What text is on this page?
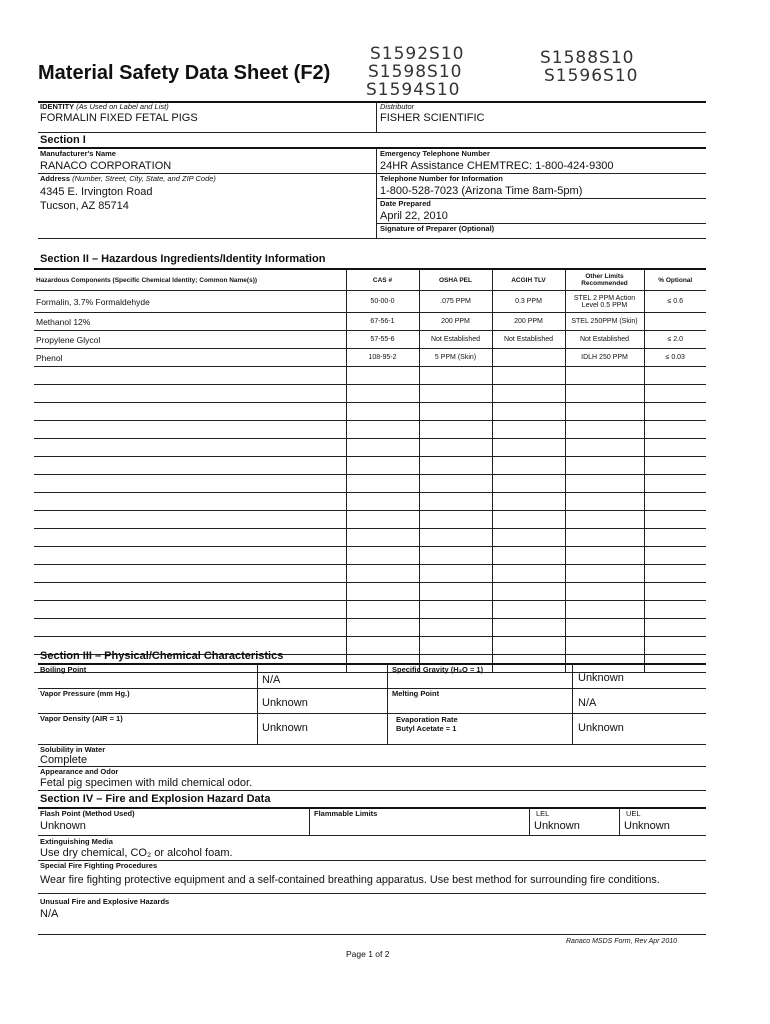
Material Safety Data Sheet (F2)
S1592S10
S1598S10
S1594S10
S1588S10
S1596S10
IDENTITY (As Used on Label and List)
FORMALIN FIXED FETAL PIGS
Distributor
FISHER SCIENTIFIC
Section I
Manufacturer's Name
RANACO CORPORATION
Address (Number, Street, City, State, and ZIP Code)
4345 E. Irvington Road
Tucson, AZ 85714
Emergency Telephone Number
24HR Assistance CHEMTREC: 1-800-424-9300
Telephone Number for Information
1-800-528-7023 (Arizona Time 8am-5pm)
Date Prepared
April 22, 2010
Signature of Preparer (Optional)
Section II – Hazardous Ingredients/Identity Information
Hazardous Components (Specific Chemical Identity; Common Name(s))	CAS #	OSHA PEL	ACGIH TLV	Other Limits Recommended	% Optional
Formalin, 3.7% Formaldehyde	50-00-0	.075 PPM	0.3 PPM	STEL 2 PPM Action Level 0.5 PPM	≤ 0.6
Methanol 12%	67-56-1	200 PPM	200 PPM	STEL 250PPM (Skin)	
Propylene Glycol	57-55-6	Not Established	Not Established	Not Established	≤ 2.0
Phenol	108-95-2	5 PPM (Skin)		IDLH 250 PPM	≤ 0.03

Section III – Physical/Chemical Characteristics
Boiling Point
N/A
Specific Gravity (H₂O = 1)
Unknown
Vapor Pressure (mm Hg.)
Unknown
Melting Point
N/A
Vapor Density (AIR = 1)
Unknown
Evaporation Rate
Butyl Acetate = 1	Unknown
Solubility in Water
Complete
Appearance and Odor
Fetal pig specimen with mild chemical odor.
Section IV – Fire and Explosion Hazard Data
Flash Point (Method Used)
Unknown
Flammable Limits	LEL
Unknown
UEL
Unknown
Extinguishing Media
Use dry chemical, CO₂ or alcohol foam.
Special Fire Fighting Procedures
Wear fire fighting protective equipment and a self-contained breathing apparatus. Use best method for surrounding fire conditions.
Unusual Fire and Explosive Hazards
N/A
Ranaco MSDS Form, Rev Apr 2010
Page 1 of 2
